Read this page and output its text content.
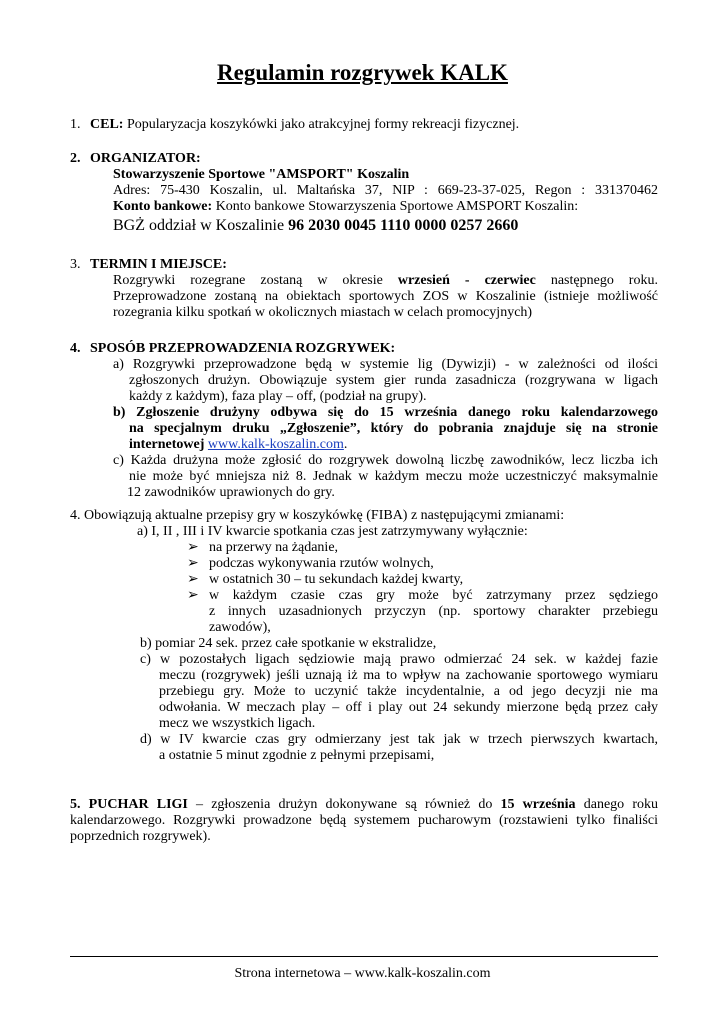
Regulamin rozgrywek KALK
1. CEL: Popularyzacja koszykówki jako atrakcyjnej formy rekreacji fizycznej.
2. ORGANIZATOR:
Stowarzyszenie Sportowe "AMSPORT" Koszalin
Adres: 75-430 Koszalin, ul. Maltańska 37, NIP : 669-23-37-025, Regon : 331370462
Konto bankowe: Konto bankowe Stowarzyszenia Sportowe AMSPORT Koszalin:
BGŻ oddział w Koszalinie 96 2030 0045 1110 0000 0257 2660
3. TERMIN I MIEJSCE:
Rozgrywki rozegrane zostaną w okresie wrzesień - czerwiec następnego roku.
Przeprowadzone zostaną na obiektach sportowych ZOS w Koszalinie (istnieje możliwość
rozegrania kilku spotkań w okolicznych miastach w celach promocyjnych)
4. SPOSÓB PRZEPROWADZENIA ROZGRYWEK:
a) Rozgrywki przeprowadzone będą w systemie lig (Dywizji) - w zależności od ilości
zgłoszonych drużyn. Obowiązuje system gier runda zasadnicza (rozgrywana w ligach
każdy z każdym), faza play – off, (podział na grupy).
b) Zgłoszenie drużyny odbywa się do 15 września danego roku kalendarzowego
na specjalnym druku „Zgłoszenie”, który do pobrania znajduje się na stronie
internetowej www.kalk-koszalin.com.
c) Każda drużyna może zgłosić do rozgrywek dowolną liczbę zawodników, lecz liczba ich
nie może być mniejsza niż 8. Jednak w każdym meczu może uczestniczyć maksymalnie
12 zawodników uprawionych do gry.
4. Obowiązują aktualne przepisy gry w koszykówkę (FIBA) z następującymi zmianami:
a) I, II , III i IV kwarcie spotkania czas jest zatrzymywany wyłącznie:
➢ na przerwy na żądanie,
➢ podczas wykonywania rzutów wolnych,
➢ w ostatnich 30 – tu sekundach każdej kwarty,
➢ w każdym czasie czas gry może być zatrzymany przez sędziego
z innych uzasadnionych przyczyn (np. sportowy charakter przebiegu
zawodów),
b) pomiar 24 sek. przez całe spotkanie w ekstralidze,
c) w pozostałych ligach sędziowie mają prawo odmierzać 24 sek. w każdej fazie
meczu (rozgrywek) jeśli uznają iż ma to wpływ na zachowanie sportowego wymiaru
przebiegu gry. Może to uczynić także incydentalnie, a od jego decyzji nie ma
odwołania. W meczach play – off i play out 24 sekundy mierzone będą przez cały
mecz we wszystkich ligach.
d) w IV kwarcie czas gry odmierzany jest tak jak w trzech pierwszych kwartach,
a ostatnie 5 minut zgodnie z pełnymi przepisami,
5. PUCHAR LIGI – zgłoszenia drużyn dokonywane są również do 15 września danego roku
kalendarzowego. Rozgrywki prowadzone będą systemem pucharowym (rozstawieni tylko finaliści
poprzednich rozgrywek).
Strona internetowa – www.kalk-koszalin.com
